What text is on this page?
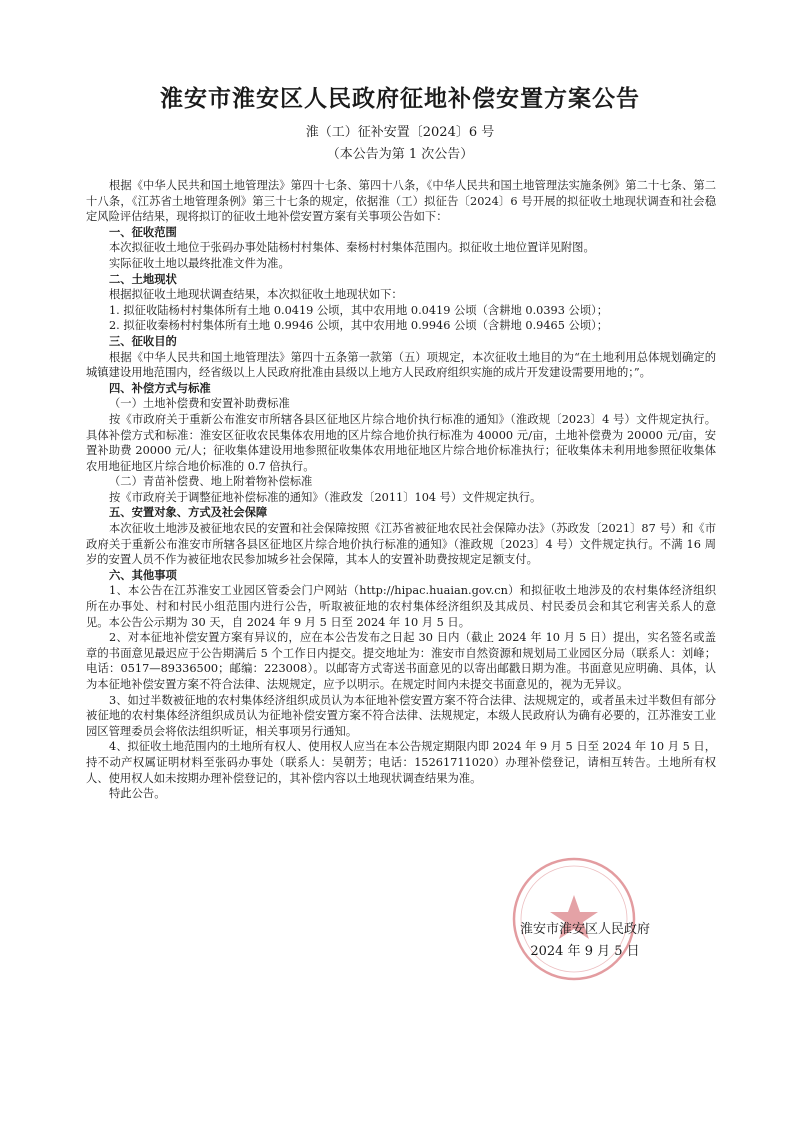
淮安市淮安区人民政府征地补偿安置方案公告
淮（工）征补安置〔2024〕6 号
（本公告为第 1 次公告）

根据《中华人民共和国土地管理法》第四十七条、第四十八条，《中华人民共和国土地管理法实施条例》第二十七条、第二十八条，《江苏省土地管理条例》第三十七条的规定，依据淮（工）拟征告〔2024〕6 号开展的拟征收土地现状调查和社会稳定风险评估结果，现将拟订的征收土地补偿安置方案有关事项公告如下：

一、征收范围

本次拟征收土地位于张码办事处陆杨村村集体、秦杨村村集体范围内。拟征收土地位置详见附图。

实际征收土地以最终批准文件为准。

二、土地现状

根据拟征收土地现状调查结果，本次拟征收土地现状如下：

1. 拟征收陆杨村村集体所有土地 0.0419 公顷，其中农用地 0.0419 公顷（含耕地 0.0393 公顷）；

2. 拟征收秦杨村村集体所有土地 0.9946 公顷，其中农用地 0.9946 公顷（含耕地 0.9465 公顷）；

三、征收目的

根据《中华人民共和国土地管理法》第四十五条第一款第（五）项规定，本次征收土地目的为“在土地利用总体规划确定的城镇建设用地范围内，经省级以上人民政府批准由县级以上地方人民政府组织实施的成片开发建设需要用地的；”。

四、补偿方式与标准

（一）土地补偿费和安置补助费标准

按《市政府关于重新公布淮安市所辖各县区征地区片综合地价执行标准的通知》（淮政规〔2023〕4 号）文件规定执行。具体补偿方式和标准：淮安区征收农民集体农用地的区片综合地价执行标准为 40000 元/亩，土地补偿费为 20000 元/亩，安置补助费 20000 元/人；征收集体建设用地参照征收集体农用地征地区片综合地价标准执行；征收集体未利用地参照征收集体农用地征地区片综合地价标准的 0.7 倍执行。

（二）青苗补偿费、地上附着物补偿标准

按《市政府关于调整征地补偿标准的通知》（淮政发〔2011〕104 号）文件规定执行。

五、安置对象、方式及社会保障

本次征收土地涉及被征地农民的安置和社会保障按照《江苏省被征地农民社会保障办法》（苏政发〔2021〕87 号）和《市政府关于重新公布淮安市所辖各县区征地区片综合地价执行标准的通知》（淮政规〔2023〕4 号）文件规定执行。不满 16 周岁的安置人员不作为被征地农民参加城乡社会保障，其本人的安置补助费按规定足额支付。

六、其他事项

1、本公告在江苏淮安工业园区管委会门户网站（http://hipac.huaian.gov.cn）和拟征收土地涉及的农村集体经济组织所在办事处、村和村民小组范围内进行公告，听取被征地的农村集体经济组织及其成员、村民委员会和其它利害关系人的意见。本公告公示期为 30 天，自 2024 年 9 月 5 日至 2024 年 10 月 5 日。

2、对本征地补偿安置方案有异议的，应在本公告发布之日起 30 日内（截止 2024 年 10 月 5 日）提出，实名签名或盖章的书面意见最迟应于公告期满后 5 个工作日内提交。提交地址为：淮安市自然资源和规划局工业园区分局（联系人：刘峰；电话：0517—89336500；邮编：223008）。以邮寄方式寄送书面意见的以寄出邮戳日期为准。书面意见应明确、具体，认为本征地补偿安置方案不符合法律、法规规定，应予以明示。在规定时间内未提交书面意见的，视为无异议。

3、如过半数被征地的农村集体经济组织成员认为本征地补偿安置方案不符合法律、法规规定的，或者虽未过半数但有部分被征地的农村集体经济组织成员认为征地补偿安置方案不符合法律、法规规定，本级人民政府认为确有必要的，江苏淮安工业园区管理委员会将依法组织听证，相关事项另行通知。

4、拟征收土地范围内的土地所有权人、使用权人应当在本公告规定期限内即 2024 年 9 月 5 日至 2024 年 10 月 5 日，持不动产权属证明材料至张码办事处（联系人：吴朝芳；电话：15261711020）办理补偿登记，请相互转告。土地所有权人、使用权人如未按期办理补偿登记的，其补偿内容以土地现状调查结果为准。

特此公告。

淮安市淮安区人民政府
2024 年 9 月 5 日
